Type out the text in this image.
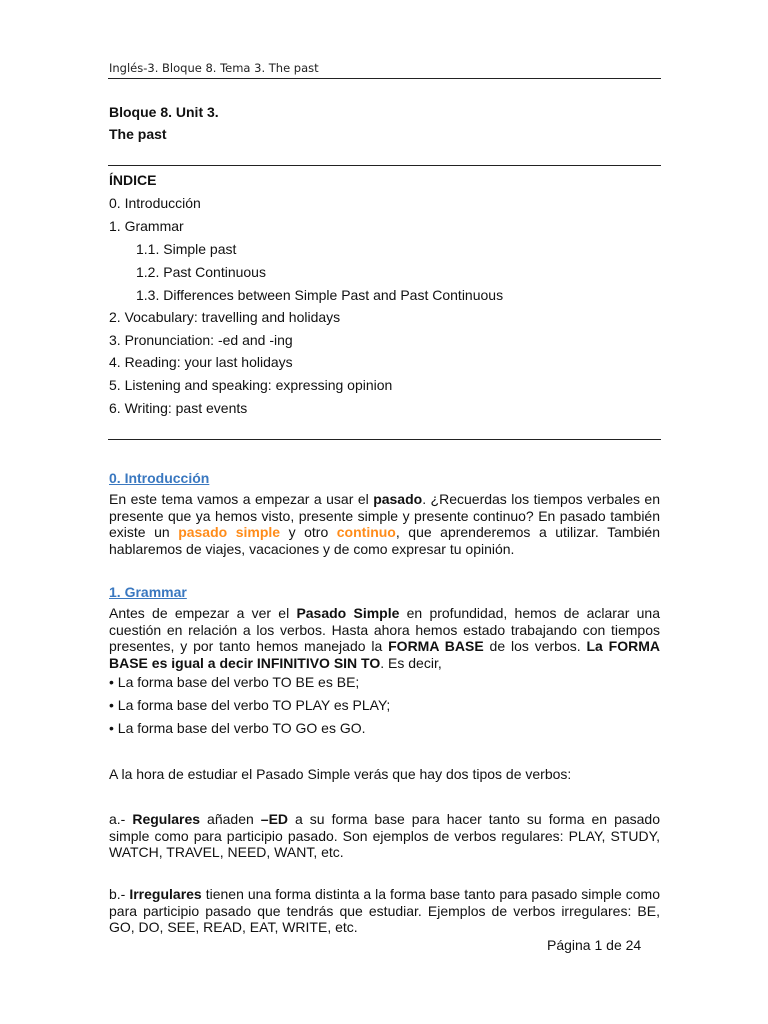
Inglés-3. Bloque 8. Tema 3. The past
Bloque 8. Unit 3.
The past
ÍNDICE
0. Introducción
1. Grammar
1.1. Simple past
1.2. Past Continuous
1.3. Differences between Simple Past and Past Continuous
2. Vocabulary: travelling and holidays
3. Pronunciation: -ed and -ing
4. Reading: your last holidays
5. Listening and speaking: expressing opinion
6. Writing: past events
0. Introducción
En este tema vamos a empezar a usar el pasado. ¿Recuerdas los tiempos verbales en presente que ya hemos visto, presente simple y presente continuo? En pasado también existe un pasado simple y otro continuo, que aprenderemos a utilizar. También hablaremos de viajes, vacaciones y de como expresar tu opinión.
1. Grammar
Antes de empezar a ver el Pasado Simple en profundidad, hemos de aclarar una cuestión en relación a los verbos. Hasta ahora hemos estado trabajando con tiempos presentes, y por tanto hemos manejado la FORMA BASE de los verbos. La FORMA BASE es igual a decir INFINITIVO SIN TO. Es decir,
• La forma base del verbo TO BE es BE;
• La forma base del verbo TO PLAY es PLAY;
• La forma base del verbo TO GO es GO.
A la hora de estudiar el Pasado Simple verás que hay dos tipos de verbos:
a.- Regulares añaden –ED a su forma base para hacer tanto su forma en pasado simple como para participio pasado. Son ejemplos de verbos regulares: PLAY, STUDY, WATCH, TRAVEL, NEED, WANT, etc.
b.- Irregulares tienen una forma distinta a la forma base tanto para pasado simple como para participio pasado que tendrás que estudiar. Ejemplos de verbos irregulares: BE, GO, DO, SEE, READ, EAT, WRITE, etc.
Página 1 de 24
